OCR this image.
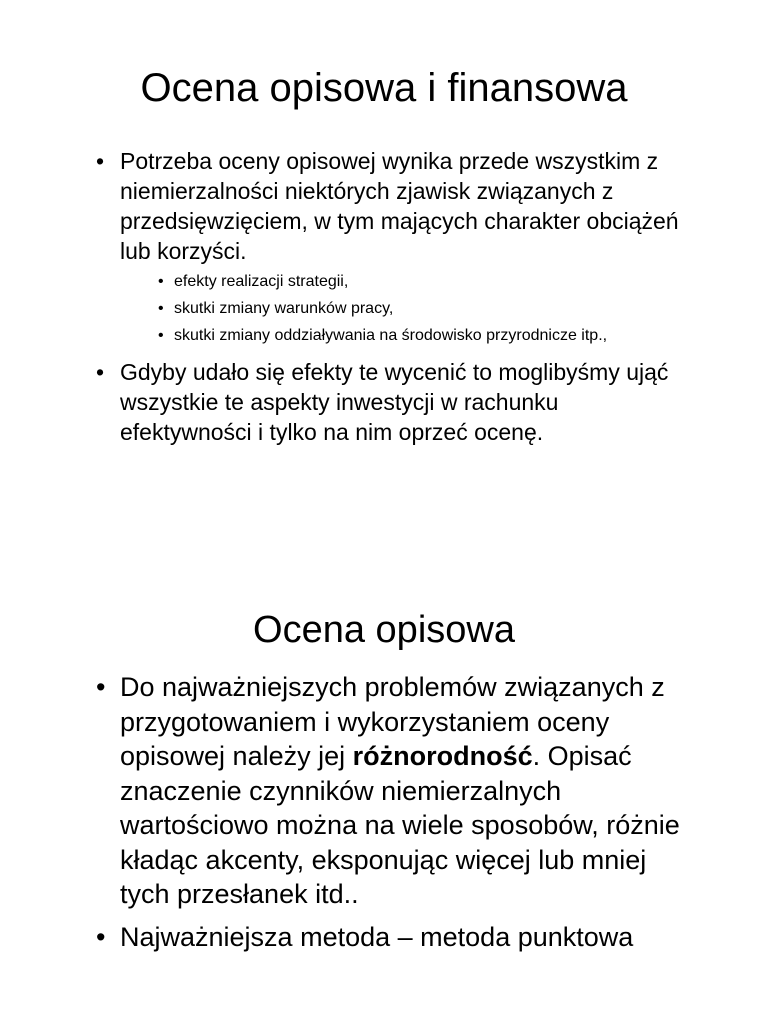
Ocena opisowa i finansowa
• Potrzeba oceny opisowej wynika przede wszystkim z niemierzalności niektórych zjawisk związanych z przedsięwzięciem, w tym mających charakter obciążeń lub korzyści.
• efekty realizacji strategii,
• skutki zmiany warunków pracy,
• skutki zmiany oddziaływania na środowisko przyrodnicze itp.,
• Gdyby udało się efekty te wycenić to moglibyśmy ująć wszystkie te aspekty inwestycji w rachunku efektywności i tylko na nim oprzeć ocenę.
Ocena opisowa
• Do najważniejszych problemów związanych z przygotowaniem i wykorzystaniem oceny opisowej należy jej różnorodność. Opisać znaczenie czynników niemierzalnych wartościowo można na wiele sposobów, różnie kładąc akcenty, eksponując więcej lub mniej tych przesłanek itd..
• Najważniejsza metoda – metoda punktowa
